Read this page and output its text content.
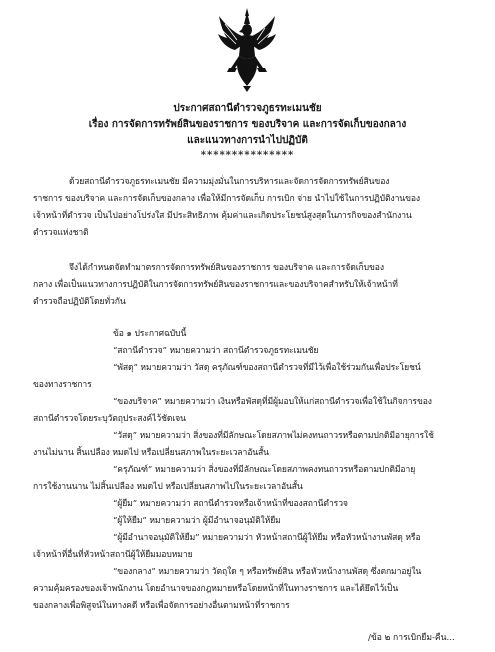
ประกาศสถานีตำรวจภูธรทะเมนชัย
เรื่อง การจัดการทรัพย์สินของราชการ ของบริจาค และการจัดเก็บของกลาง
และแนวทางการนำไปปฏิบัติ
***************
ด้วยสถานีตำรวจภูธรทะเมนชัย มีความมุ่งมั่นในการบริหารและจัดการจัดการทรัพย์สินของ
ราชการ ของบริจาค และการจัดเก็บของกลาง เพื่อให้มีการจัดเก็บ การเบิก จ่าย นำไปใช้ในการปฏิบัติงานของ
เจ้าหน้าที่ตำรวจ เป็นไปอย่างโปร่งใส มีประสิทธิภาพ คุ้มค่าและเกิดประโยชน์สูงสุดในภารกิจของสำนักงาน
ตำรวจแห่งชาติ
จึงได้กำหนดจัดทำมาตรการจัดการทรัพย์สินของราชการ ของบริจาค และการจัดเก็บของ
กลาง เพื่อเป็นแนวทางการปฏิบัติในการจัดการทรัพย์สินของราชการและของบริจาคสำหรับให้เจ้าหน้าที่
ตำรวจถือปฏิบัติโดยทั่วกัน
ข้อ ๑ ประกาศฉบับนี้
“สถานีตำรวจ” หมายความว่า สถานีตำรวจภูธรทะเมนชัย
“พัสดุ” หมายความว่า วัสดุ ครุภัณฑ์ของสถานีตำรวจที่มีไว้เพื่อใช้ร่วมกันเพื่อประโยชน์
ของทางราชการ
“ของบริจาค” หมายความว่า เงินหรือพัสดุที่มีผู้มอบให้แก่สถานีตำรวจเพื่อใช้ในกิจการของ
สถานีตำรวจโดยระบุวัตถุประสงค์ไว้ชัดเจน
“วัสดุ” หมายความว่า สิ่งของที่มีลักษณะโดยสภาพไม่คงทนถาวรหรือตามปกติมีอายุการใช้
งานไม่นาน สิ้นเปลือง หมดไป หรือเปลี่ยนสภาพในระยะเวลาอันสั้น
“ครุภัณฑ์” หมายความว่า สิ่งของที่มีลักษณะโดยสภาพคงทนถาวรหรือตามปกติมีอายุ
การใช้งานนาน ไม่สิ้นเปลือง หมดไป หรือเปลี่ยนสภาพไปในระยะเวลาอันสั้น
“ผู้ยืม” หมายความว่า สถานีตำรวจหรือเจ้าหน้าที่ของสถานีตำรวจ
“ผู้ให้ยืม” หมายความว่า ผู้มีอำนาจอนุมัติให้ยืม
“ผู้มีอำนาจอนุมัติให้ยืม” หมายความว่า หัวหน้าสถานีผู้ให้ยืม หรือหัวหน้างานพัสดุ หรือ
เจ้าหน้าที่อื่นที่หัวหน้าสถานีผู้ให้ยืมมอบหมาย
“ของกลาง” หมายความว่า วัตถุใด ๆ หรือทรัพย์สิน หรือหัวหน้างานพัสดุ ซึ่งตกมาอยู่ใน
ความคุ้มครองของเจ้าพนักงาน โดยอำนาจของกฎหมายหรือโดยหน้าที่ในทางราชการ และได้ยึดไว้เป็น
ของกลางเพื่อพิสูจน์ในทางคดี หรือเพื่อจัดการอย่างอื่นตามหน้าที่ราชการ
/ข้อ ๒ การเบิกยืม-คืน...
